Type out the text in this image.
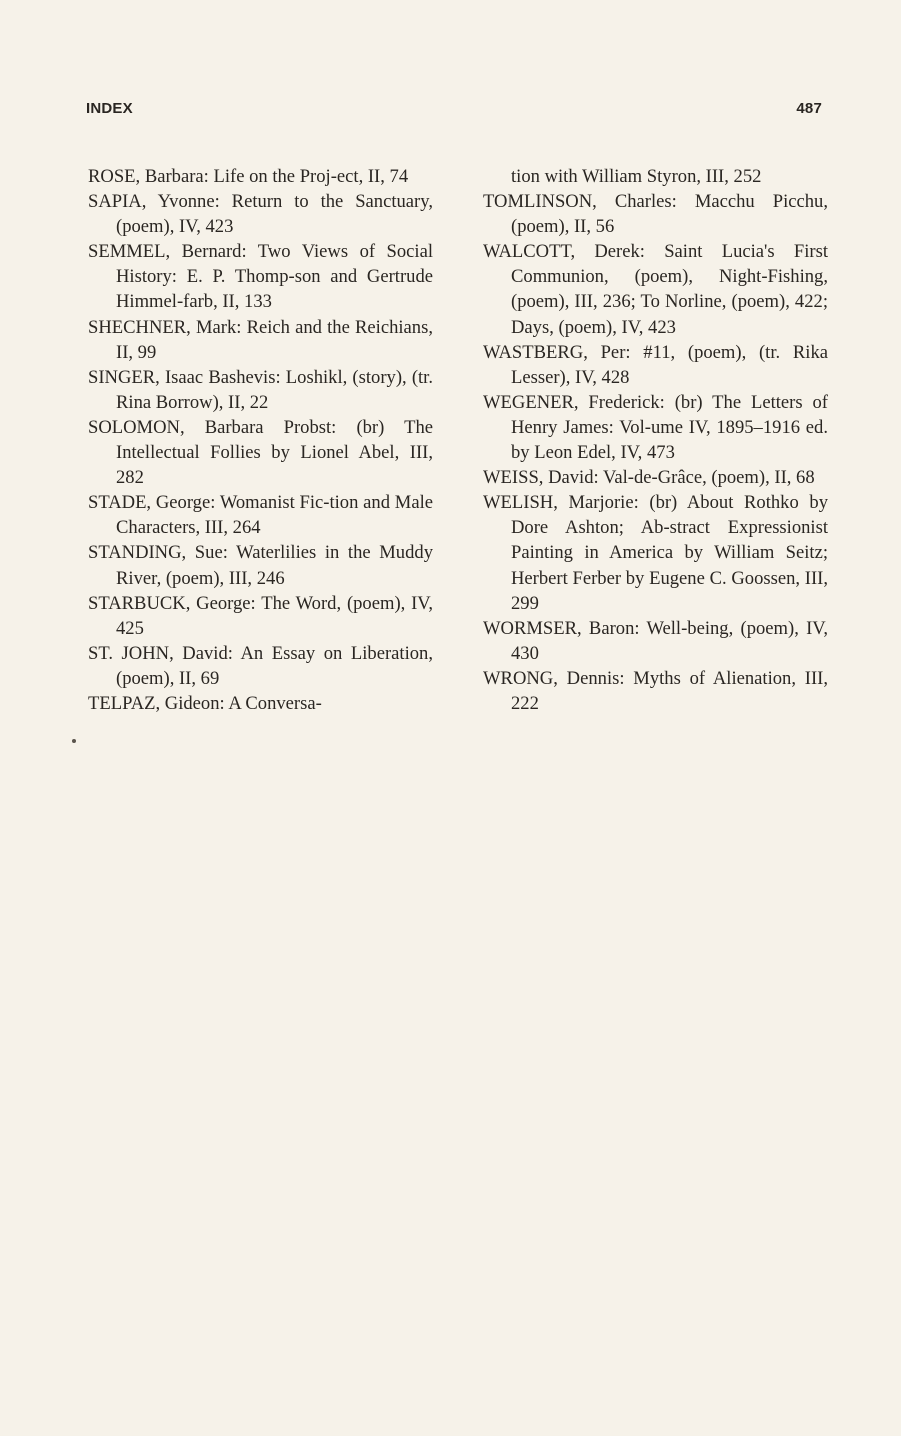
INDEX	487

ROSE, Barbara: Life on the Proj-ect, II, 74

SAPIA, Yvonne: Return to the Sanctuary, (poem), IV, 423

SEMMEL, Bernard: Two Views of Social History: E. P. Thomp-son and Gertrude Himmel-farb, II, 133

SHECHNER, Mark: Reich and the Reichians, II, 99

SINGER, Isaac Bashevis: Loshikl, (story), (tr. Rina Borrow), II, 22

SOLOMON, Barbara Probst: (br) The Intellectual Follies by Lionel Abel, III, 282

STADE, George: Womanist Fic-tion and Male Characters, III, 264

STANDING, Sue: Waterlilies in the Muddy River, (poem), III, 246

STARBUCK, George: The Word, (poem), IV, 425

ST. JOHN, David: An Essay on Liberation, (poem), II, 69

TELPAZ, Gideon: A Conversa-

tion with William Styron, III, 252

TOMLINSON, Charles: Macchu Picchu, (poem), II, 56

WALCOTT, Derek: Saint Lucia's First Communion, (poem), Night-Fishing, (poem), III, 236; To Norline, (poem), 422; Days, (poem), IV, 423

WASTBERG, Per: #11, (poem), (tr. Rika Lesser), IV, 428

WEGENER, Frederick: (br) The Letters of Henry James: Vol-ume IV, 1895–1916 ed. by Leon Edel, IV, 473

WEISS, David: Val-de-Grâce, (poem), II, 68

WELISH, Marjorie: (br) About Rothko by Dore Ashton; Ab-stract Expressionist Painting in America by William Seitz; Herbert Ferber by Eugene C. Goossen, III, 299

WORMSER, Baron: Well-being, (poem), IV, 430

WRONG, Dennis: Myths of Alienation, III, 222
